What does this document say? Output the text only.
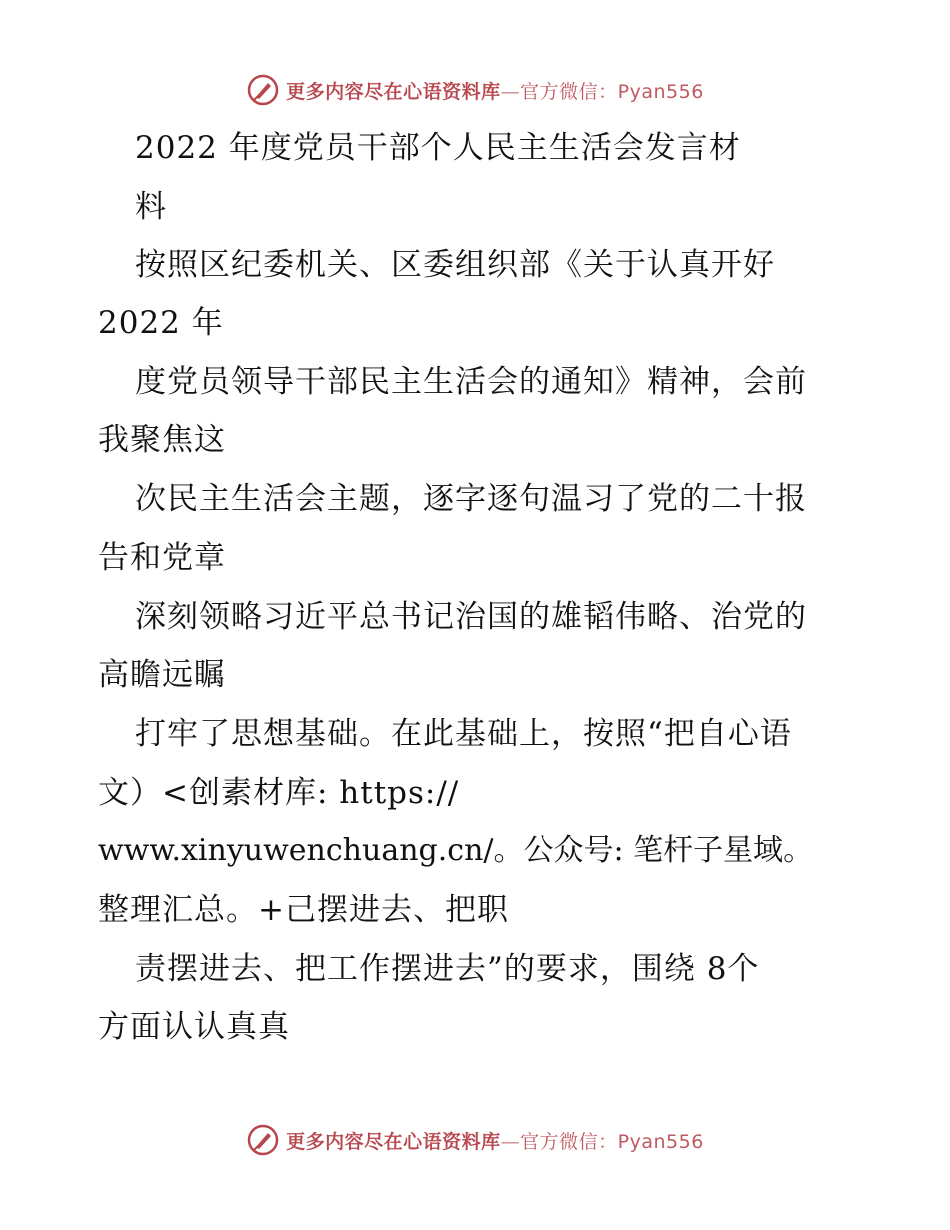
更多内容尽在心语资料库—官方微信：Pyan556
2022 年度党员干部个人民主生活会发言材
料
按照区纪委机关、区委组织部《关于认真开好
2022 年
度党员领导干部民主生活会的通知》精神，会前
我聚焦这
次民主生活会主题，逐字逐句温习了党的二十报
告和党章
深刻领略习近平总书记治国的雄韬伟略、治党的
高瞻远瞩
打牢了思想基础。在此基础上，按照“把自心语
文）<创素材库: https://
www.xinyuwenchuang.cn/。公众号: 笔杆子星域。
整理汇总。+己摆进去、把职
责摆进去、把工作摆进去”的要求，围绕 8个
方面认认真真
更多内容尽在心语资料库—官方微信：Pyan556
